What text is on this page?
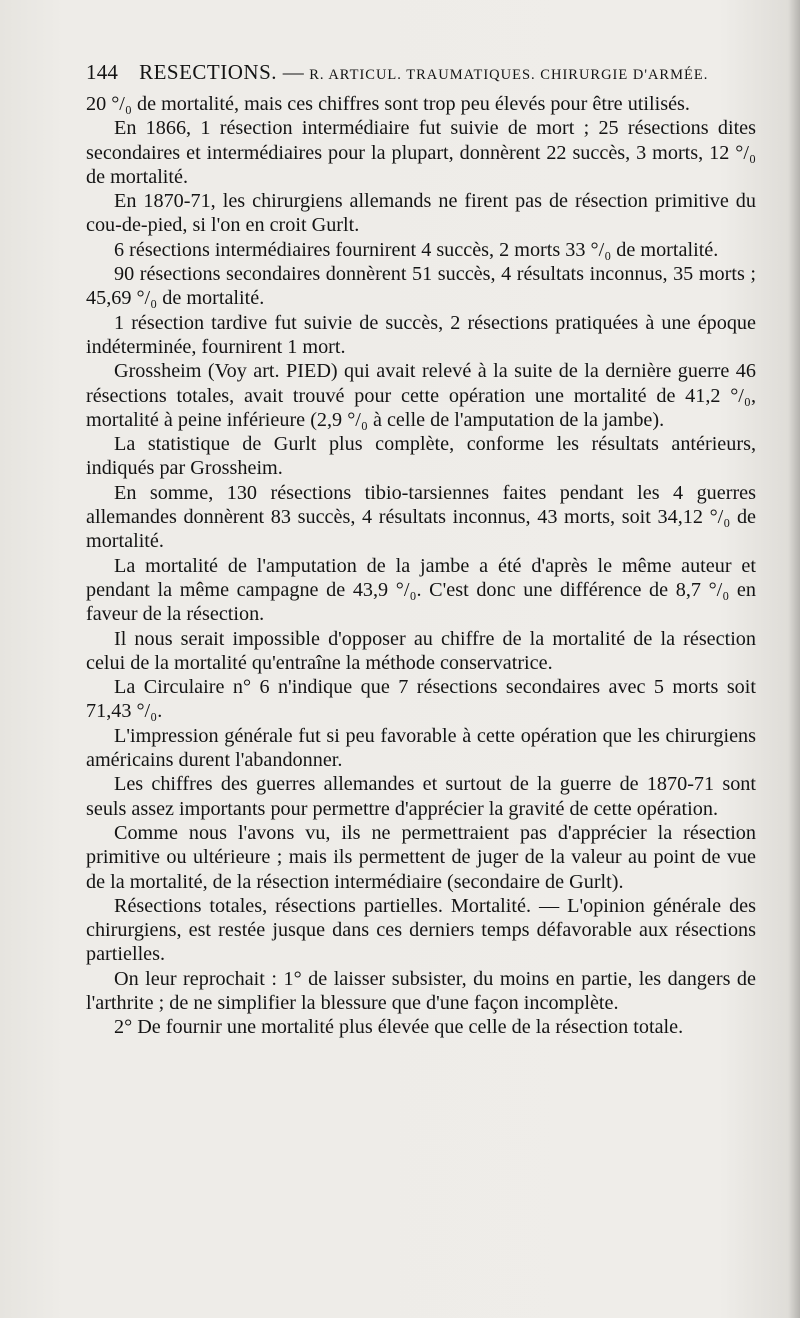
144 RESECTIONS. — R. ARTICUL. TRAUMATIQUES. CHIRURGIE D'ARMÉE.

20 °/₀ de mortalité, mais ces chiffres sont trop peu élevés pour être utilisés.

En 1866, 1 résection intermédiaire fut suivie de mort ; 25 résections dites secondaires et intermédiaires pour la plupart, donnèrent 22 succès, 3 morts, 12 °/₀ de mortalité.

En 1870-71, les chirurgiens allemands ne firent pas de résection primitive du cou-de-pied, si l'on en croit Gurlt.

6 résections intermédiaires fournirent 4 succès, 2 morts 33 °/₀ de mortalité.

90 résections secondaires donnèrent 51 succès, 4 résultats inconnus, 35 morts ; 45,69 °/₀ de mortalité.

1 résection tardive fut suivie de succès, 2 résections pratiquées à une époque indéterminée, fournirent 1 mort.

Grossheim (Voy art. PIED) qui avait relevé à la suite de la dernière guerre 46 résections totales, avait trouvé pour cette opération une mortalité de 41,2 °/₀, mortalité à peine inférieure (2,9 °/₀ à celle de l'amputation de la jambe).

La statistique de Gurlt plus complète, conforme les résultats antérieurs, indiqués par Grossheim.

En somme, 130 résections tibio-tarsiennes faites pendant les 4 guerres allemandes donnèrent 83 succès, 4 résultats inconnus, 43 morts, soit 34,12 °/₀ de mortalité.

La mortalité de l'amputation de la jambe a été d'après le même auteur et pendant la même campagne de 43,9 °/₀. C'est donc une différence de 8,7 °/₀ en faveur de la résection.

Il nous serait impossible d'opposer au chiffre de la mortalité de la résection celui de la mortalité qu'entraîne la méthode conservatrice.

La Circulaire n° 6 n'indique que 7 résections secondaires avec 5 morts soit 71,43 °/₀.

L'impression générale fut si peu favorable à cette opération que les chirurgiens américains durent l'abandonner.

Les chiffres des guerres allemandes et surtout de la guerre de 1870-71 sont seuls assez importants pour permettre d'apprécier la gravité de cette opération.

Comme nous l'avons vu, ils ne permettraient pas d'apprécier la résection primitive ou ultérieure ; mais ils permettent de juger de la valeur au point de vue de la mortalité, de la résection intermédiaire (secondaire de Gurlt).

Résections totales, résections partielles. Mortalité. — L'opinion générale des chirurgiens, est restée jusque dans ces derniers temps défavorable aux résections partielles.

On leur reprochait : 1° de laisser subsister, du moins en partie, les dangers de l'arthrite ; de ne simplifier la blessure que d'une façon incomplète.

2° De fournir une mortalité plus élevée que celle de la résection totale.
